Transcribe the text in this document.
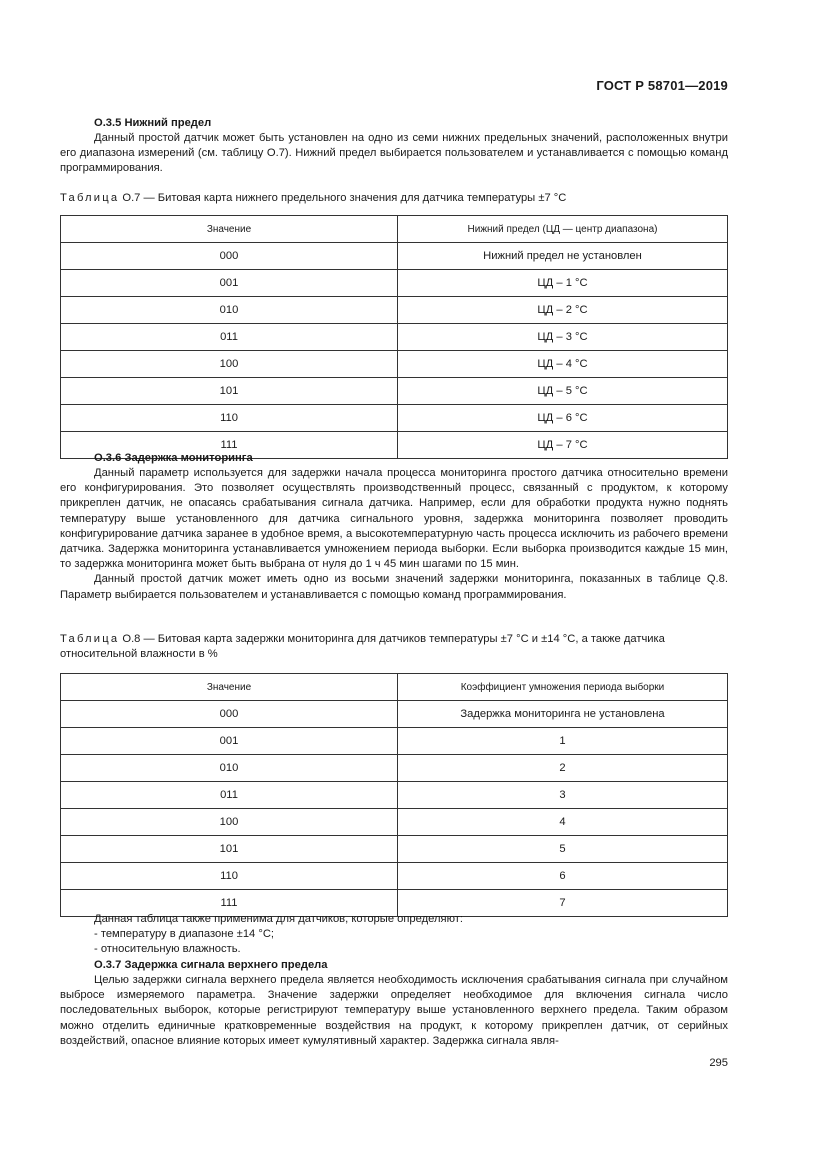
ГОСТ Р 58701—2019
О.3.5 Нижний предел

Данный простой датчик может быть установлен на одно из семи нижних предельных значений, расположенных внутри его диапазона измерений (см. таблицу О.7). Нижний предел выбирается пользователем и устанавливается с помощью команд программирования.

Таблица О.7 — Битовая карта нижнего предельного значения для датчика температуры ±7 °С
Значение	Нижний предел (ЦД — центр диапазона)
000	Нижний предел не установлен
001	ЦД – 1 °С
010	ЦД – 2 °С
011	ЦД – 3 °С
100	ЦД – 4 °С
101	ЦД – 5 °С
110	ЦД – 6 °С
111	ЦД – 7 °С
О.3.6 Задержка мониторинга

Данный параметр используется для задержки начала процесса мониторинга простого датчика относительно времени его конфигурирования. Это позволяет осуществлять производственный процесс, связанный с продуктом, к которому прикреплен датчик, не опасаясь срабатывания сигнала датчика. Например, если для обработки продукта нужно поднять температуру выше установленного для датчика сигнального уровня, задержка мониторинга позволяет проводить конфигурирование датчика заранее в удобное время, а высокотемпературную часть процесса исключить из рабочего времени датчика. Задержка мониторинга устанавливается умножением периода выборки. Если выборка производится каждые 15 мин, то задержка мониторинга может быть выбрана от нуля до 1 ч 45 мин шагами по 15 мин.

Данный простой датчик может иметь одно из восьми значений задержки мониторинга, показанных в таблице Q.8. Параметр выбирается пользователем и устанавливается с помощью команд программирования.

Таблица О.8 — Битовая карта задержки мониторинга для датчиков температуры ±7 °С и ±14 °С, а также датчика относительной влажности в %
Значение	Коэффициент умножения периода выборки
000	Задержка мониторинга не установлена
001	1
010	2
011	3
100	4
101	5
110	6
111	7
Данная таблица также применима для датчиков, которые определяют:
- температуру в диапазоне ±14 °С;
- относительную влажность.
О.3.7 Задержка сигнала верхнего предела

Целью задержки сигнала верхнего предела является необходимость исключения срабатывания сигнала при случайном выбросе измеряемого параметра. Значение задержки определяет необходимое для включения сигнала число последовательных выборок, которые регистрируют температуру выше установленного верхнего предела. Таким образом можно отделить единичные кратковременные воздействия на продукт, к которому прикреплен датчик, от серийных воздействий, опасное влияние которых имеет кумулятивный характер. Задержка сигнала явля-

295
